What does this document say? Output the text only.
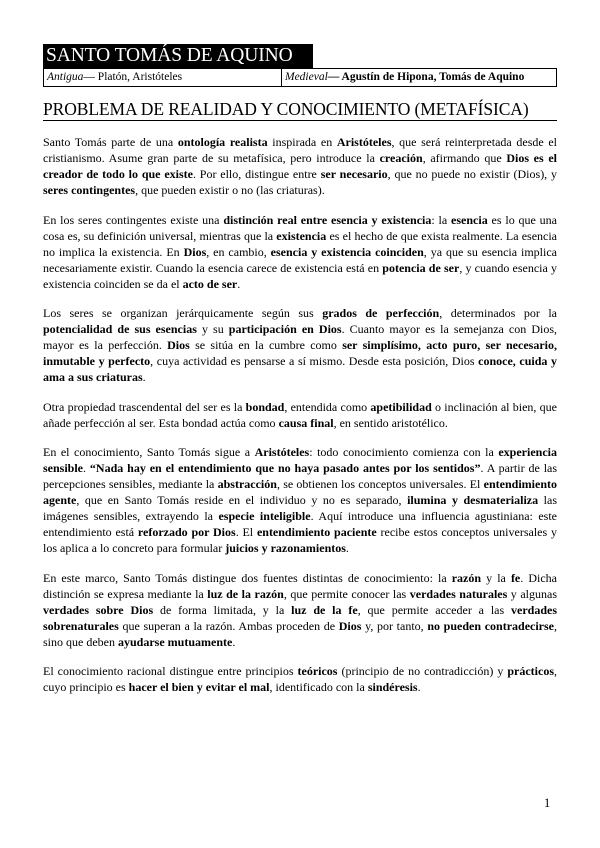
SANTO TOMÁS DE AQUINO
Antigua— Platón, Aristóteles	Medieval— Agustín de Hipona, Tomás de Aquino
PROBLEMA DE REALIDAD Y CONOCIMIENTO (METAFÍSICA)

Santo Tomás parte de una ontología realista inspirada en Aristóteles, que será reinterpretada desde el cristianismo. Asume gran parte de su metafísica, pero introduce la creación, afirmando que Dios es el creador de todo lo que existe. Por ello, distingue entre ser necesario, que no puede no existir (Dios), y seres contingentes, que pueden existir o no (las criaturas).

En los seres contingentes existe una distinción real entre esencia y existencia: la esencia es lo que una cosa es, su definición universal, mientras que la existencia es el hecho de que exista realmente. La esencia no implica la existencia. En Dios, en cambio, esencia y existencia coinciden, ya que su esencia implica necesariamente existir. Cuando la esencia carece de existencia está en potencia de ser, y cuando esencia y existencia coinciden se da el acto de ser.

Los seres se organizan jerárquicamente según sus grados de perfección, determinados por la potencialidad de sus esencias y su participación en Dios. Cuanto mayor es la semejanza con Dios, mayor es la perfección. Dios se sitúa en la cumbre como ser simplísimo, acto puro, ser necesario, inmutable y perfecto, cuya actividad es pensarse a sí mismo. Desde esta posición, Dios conoce, cuida y ama a sus criaturas.

Otra propiedad trascendental del ser es la bondad, entendida como apetibilidad o inclinación al bien, que añade perfección al ser. Esta bondad actúa como causa final, en sentido aristotélico.

En el conocimiento, Santo Tomás sigue a Aristóteles: todo conocimiento comienza con la experiencia sensible. “Nada hay en el entendimiento que no haya pasado antes por los sentidos”. A partir de las percepciones sensibles, mediante la abstracción, se obtienen los conceptos universales. El entendimiento agente, que en Santo Tomás reside en el individuo y no es separado, ilumina y desmaterializa las imágenes sensibles, extrayendo la especie inteligible. Aquí introduce una influencia agustiniana: este entendimiento está reforzado por Dios. El entendimiento paciente recibe estos conceptos universales y los aplica a lo concreto para formular juicios y razonamientos.

En este marco, Santo Tomás distingue dos fuentes distintas de conocimiento: la razón y la fe. Dicha distinción se expresa mediante la luz de la razón, que permite conocer las verdades naturales y algunas verdades sobre Dios de forma limitada, y la luz de la fe, que permite acceder a las verdades sobrenaturales que superan a la razón. Ambas proceden de Dios y, por tanto, no pueden contradecirse, sino que deben ayudarse mutuamente.

El conocimiento racional distingue entre principios teóricos (principio de no contradicción) y prácticos, cuyo principio es hacer el bien y evitar el mal, identificado con la sindéresis.

1
